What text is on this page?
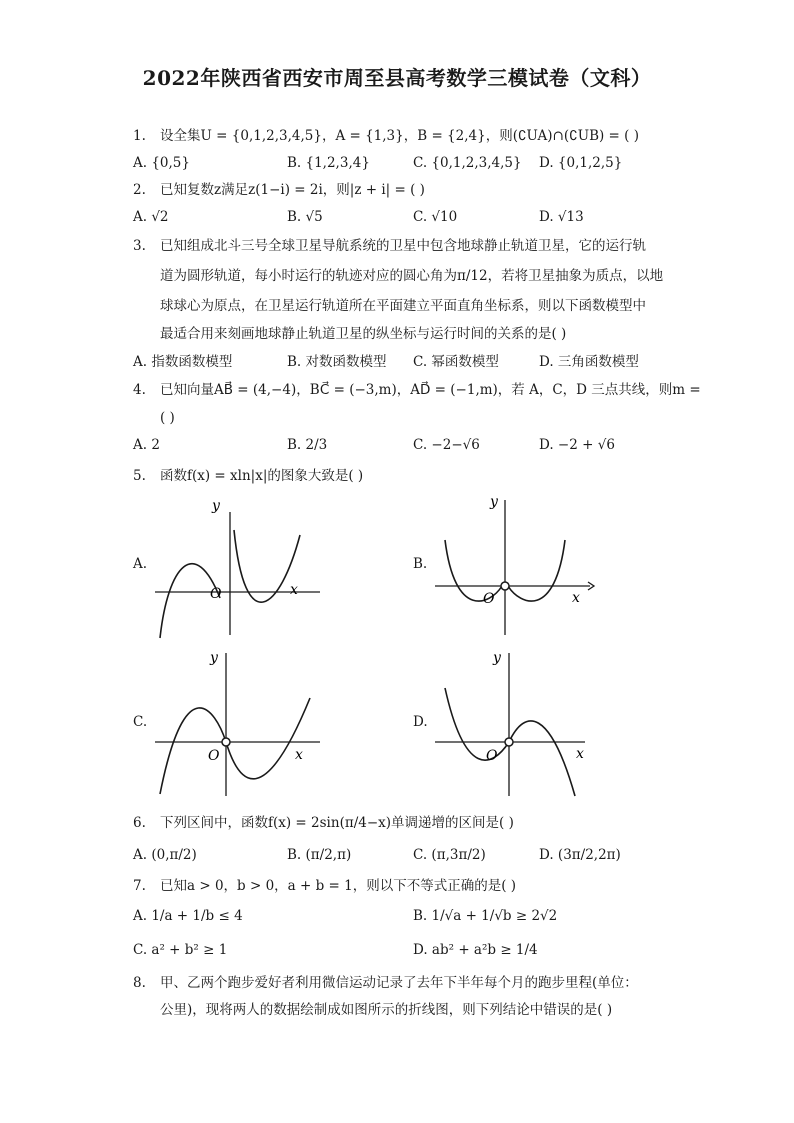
2022年陕西省西安市周至县高考数学三模试卷（文科）
1. 设全集U = {0,1,2,3,4,5}，A = {1,3}，B = {2,4}，则(∁UA)∩(∁UB) = ( )
A. {0,5}	B. {1,2,3,4}	C. {0,1,2,3,4,5} D. {0,1,2,5}
2. 已知复数z满足z(1−i) = 2i，则|z + i| = ( )
A. √2	B. √5	C. √10	D. √13
3. 已知组成北斗三号全球卫星导航系统的卫星中包含地球静止轨道卫星，它的运行轨
道为圆形轨道，每小时运行的轨迹对应的圆心角为π/12，若将卫星抽象为质点，以地
球球心为原点，在卫星运行轨道所在平面建立平面直角坐标系，则以下函数模型中
最适合用来刻画地球静止轨道卫星的纵坐标与运行时间的关系的是( )
A. 指数函数模型	B. 对数函数模型 C. 幂函数模型	D. 三角函数模型
4. 已知向量AB⃗ = (4,−4)，BC⃗ = (−3,m)，AD⃗ = (−1,m)，若 A，C，D 三点共线，则m =
( )
A. 2	B. 2/3	C. −2−√6	D. −2 + √6
5. 函数f(x) = xln|x|的图象大致是( )
A.	B.
C.	D.
y
x
O
y
x
O
y
x
O
y
x
O
6. 下列区间中，函数f(x) = 2sin(π/4−x)单调递增的区间是( )
A. (0,π/2)	B. (π/2,π)	C. (π,3π/2)	D. (3π/2,2π)
7. 已知a > 0，b > 0，a + b = 1，则以下不等式正确的是( )
A. 1/a + 1/b ≤ 4	B. 1/√a + 1/√b ≥ 2√2
C. a² + b² ≥ 1	D. ab² + a²b ≥ 1/4
8. 甲、乙两个跑步爱好者利用微信运动记录了去年下半年每个月的跑步里程(单位：
公里)，现将两人的数据绘制成如图所示的折线图，则下列结论中错误的是( )
